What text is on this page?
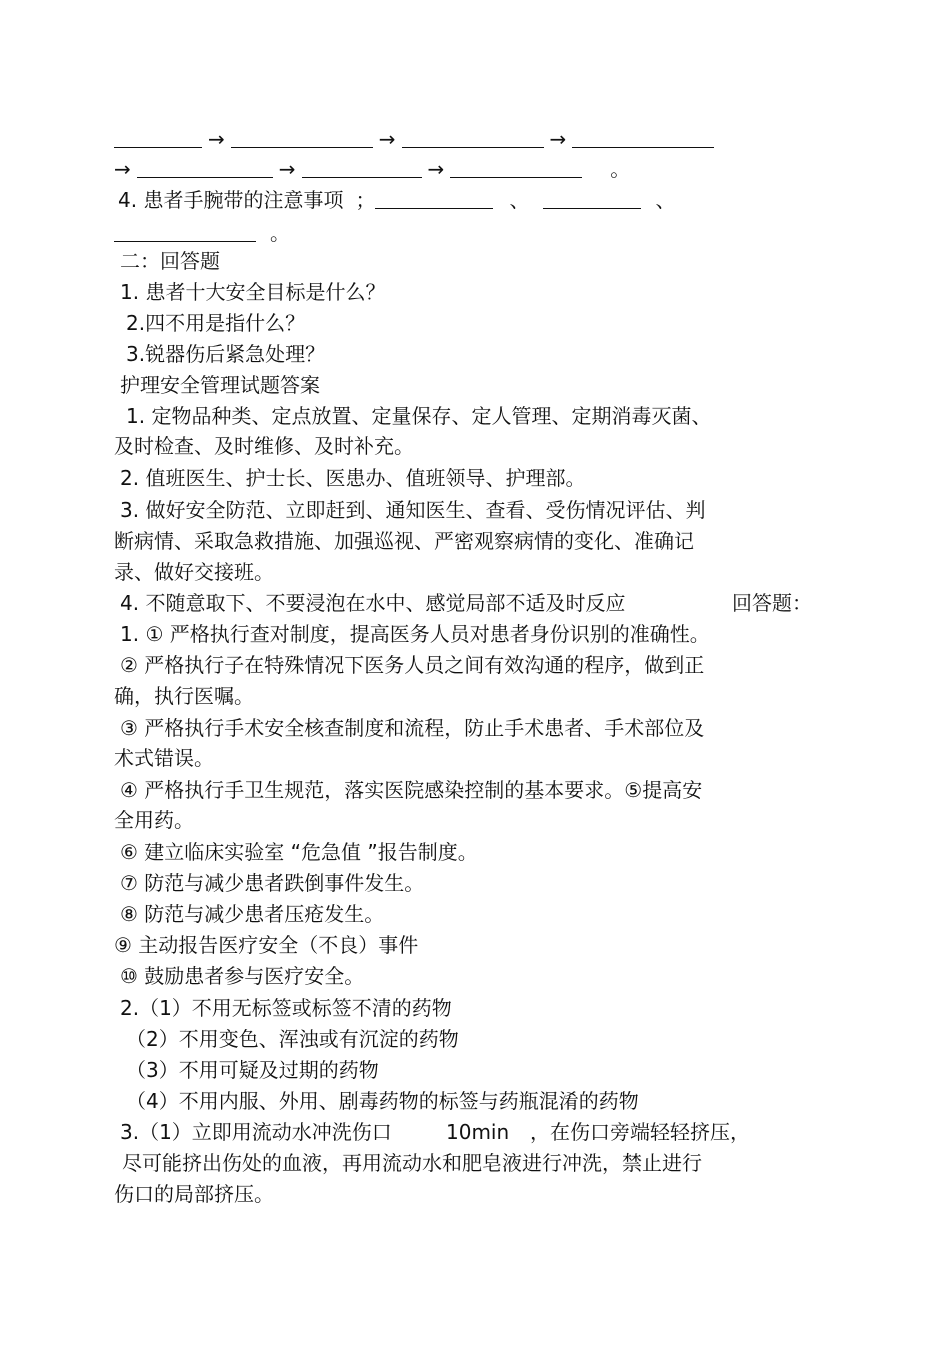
→	→	→
→	→	→	。
4. 患者手腕带的注意事项 ；	、	、
。
二：回答题
1. 患者十大安全目标是什么？
2.四不用是指什么？
3.锐器伤后紧急处理？
护理安全管理试题答案
1. 定物品种类、定点放置、定量保存、定人管理、定期消毒灭菌、
及时检查、及时维修、及时补充。
2. 值班医生、护士长、医患办、值班领导、护理部。
3. 做好安全防范、立即赶到、通知医生、查看、受伤情况评估、判
断病情、采取急救措施、加强巡视、严密观察病情的变化、准确记
录、做好交接班。
4. 不随意取下、不要浸泡在水中、感觉局部不适及时反应	回答题：
1. ① 严格执行查对制度，提高医务人员对患者身份识别的准确性。
② 严格执行子在特殊情况下医务人员之间有效沟通的程序，做到正
确，执行医嘱。
③ 严格执行手术安全核查制度和流程，防止手术患者、手术部位及
术式错误。
④ 严格执行手卫生规范，落实医院感染控制的基本要求。⑤提高安
全用药。
⑥ 建立临床实验室 “危急值 ”报告制度。
⑦ 防范与减少患者跌倒事件发生。
⑧ 防范与减少患者压疮发生。
⑨ 主动报告医疗安全（不良）事件
⑩ 鼓励患者参与医疗安全。
2.（1）不用无标签或标签不清的药物
（2）不用变色、浑浊或有沉淀的药物
（3）不用可疑及过期的药物
（4）不用内服、外用、剧毒药物的标签与药瓶混淆的药物
3.（1）立即用流动水冲洗伤口	10min ，在伤口旁端轻轻挤压，
尽可能挤出伤处的血液，再用流动水和肥皂液进行冲洗，禁止进行
伤口的局部挤压。
